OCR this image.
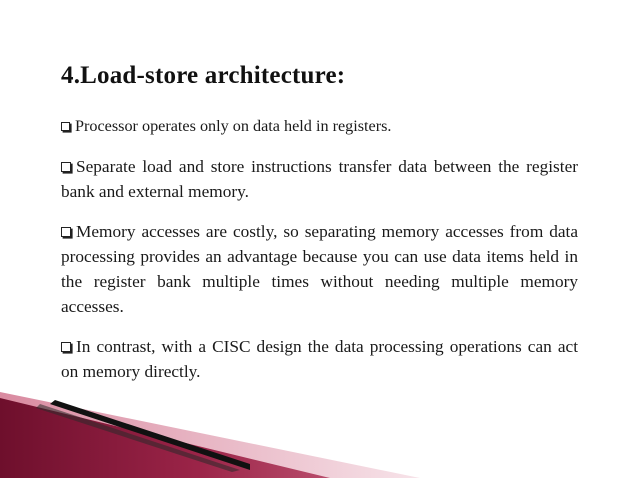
4.Load-store architecture:
Processor operates only on data held in registers.
Separate load and store instructions transfer data between the register bank and external memory.
Memory accesses are costly, so separating memory accesses from data processing provides an advantage because you can use data items held in the register bank multiple times without needing multiple memory accesses.
In contrast, with a CISC design the data processing operations can act on memory directly.
